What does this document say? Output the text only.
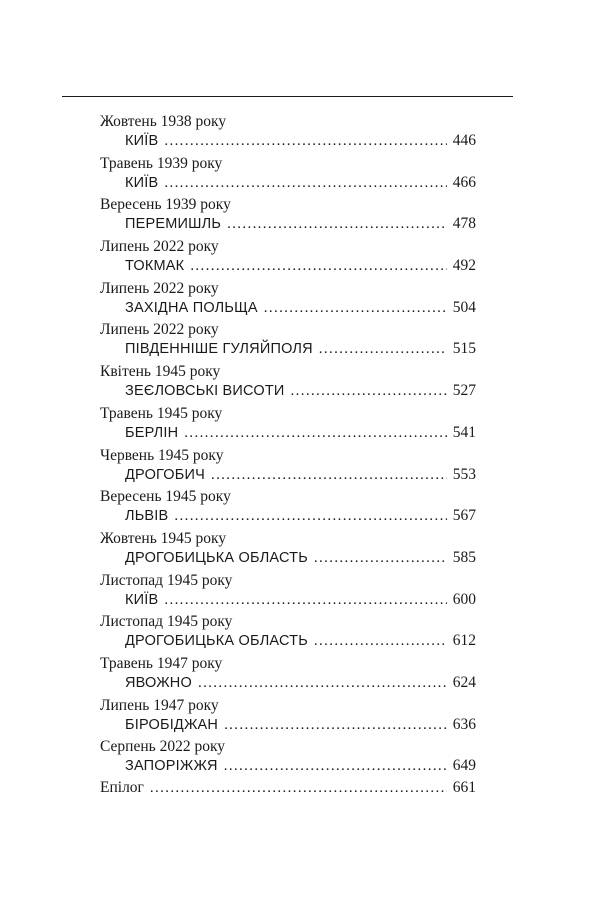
Жовтень 1938 року
КИЇВ . . .	446
Травень 1939 року
КИЇВ . . .	466
Вересень 1939 року
ПЕРЕМИШЛЬ . . .	478
Липень 2022 року
ТОКМАК . . .	492
Липень 2022 року
ЗАХІДНА ПОЛЬЩА . . .	504
Липень 2022 року
ПІВДЕННІШЕ ГУЛЯЙПОЛЯ . . .	515
Квітень 1945 року
ЗЕЄЛОВСЬКІ ВИСОТИ . . .	527
Травень 1945 року
БЕРЛІН . . .	541
Червень 1945 року
ДРОГОБИЧ . . .	553
Вересень 1945 року
ЛЬВІВ . . .	567
Жовтень 1945 року
ДРОГОБИЦЬКА ОБЛАСТЬ . . .	585
Листопад 1945 року
КИЇВ . . .	600
Листопад 1945 року
ДРОГОБИЦЬКА ОБЛАСТЬ . . .	612
Травень 1947 року
ЯВОЖНО . . .	624
Липень 1947 року
БІРОБІДЖАН . . .	636
Серпень 2022 року
ЗАПОРІЖЖЯ . . .	649
Епілог . . .	661
